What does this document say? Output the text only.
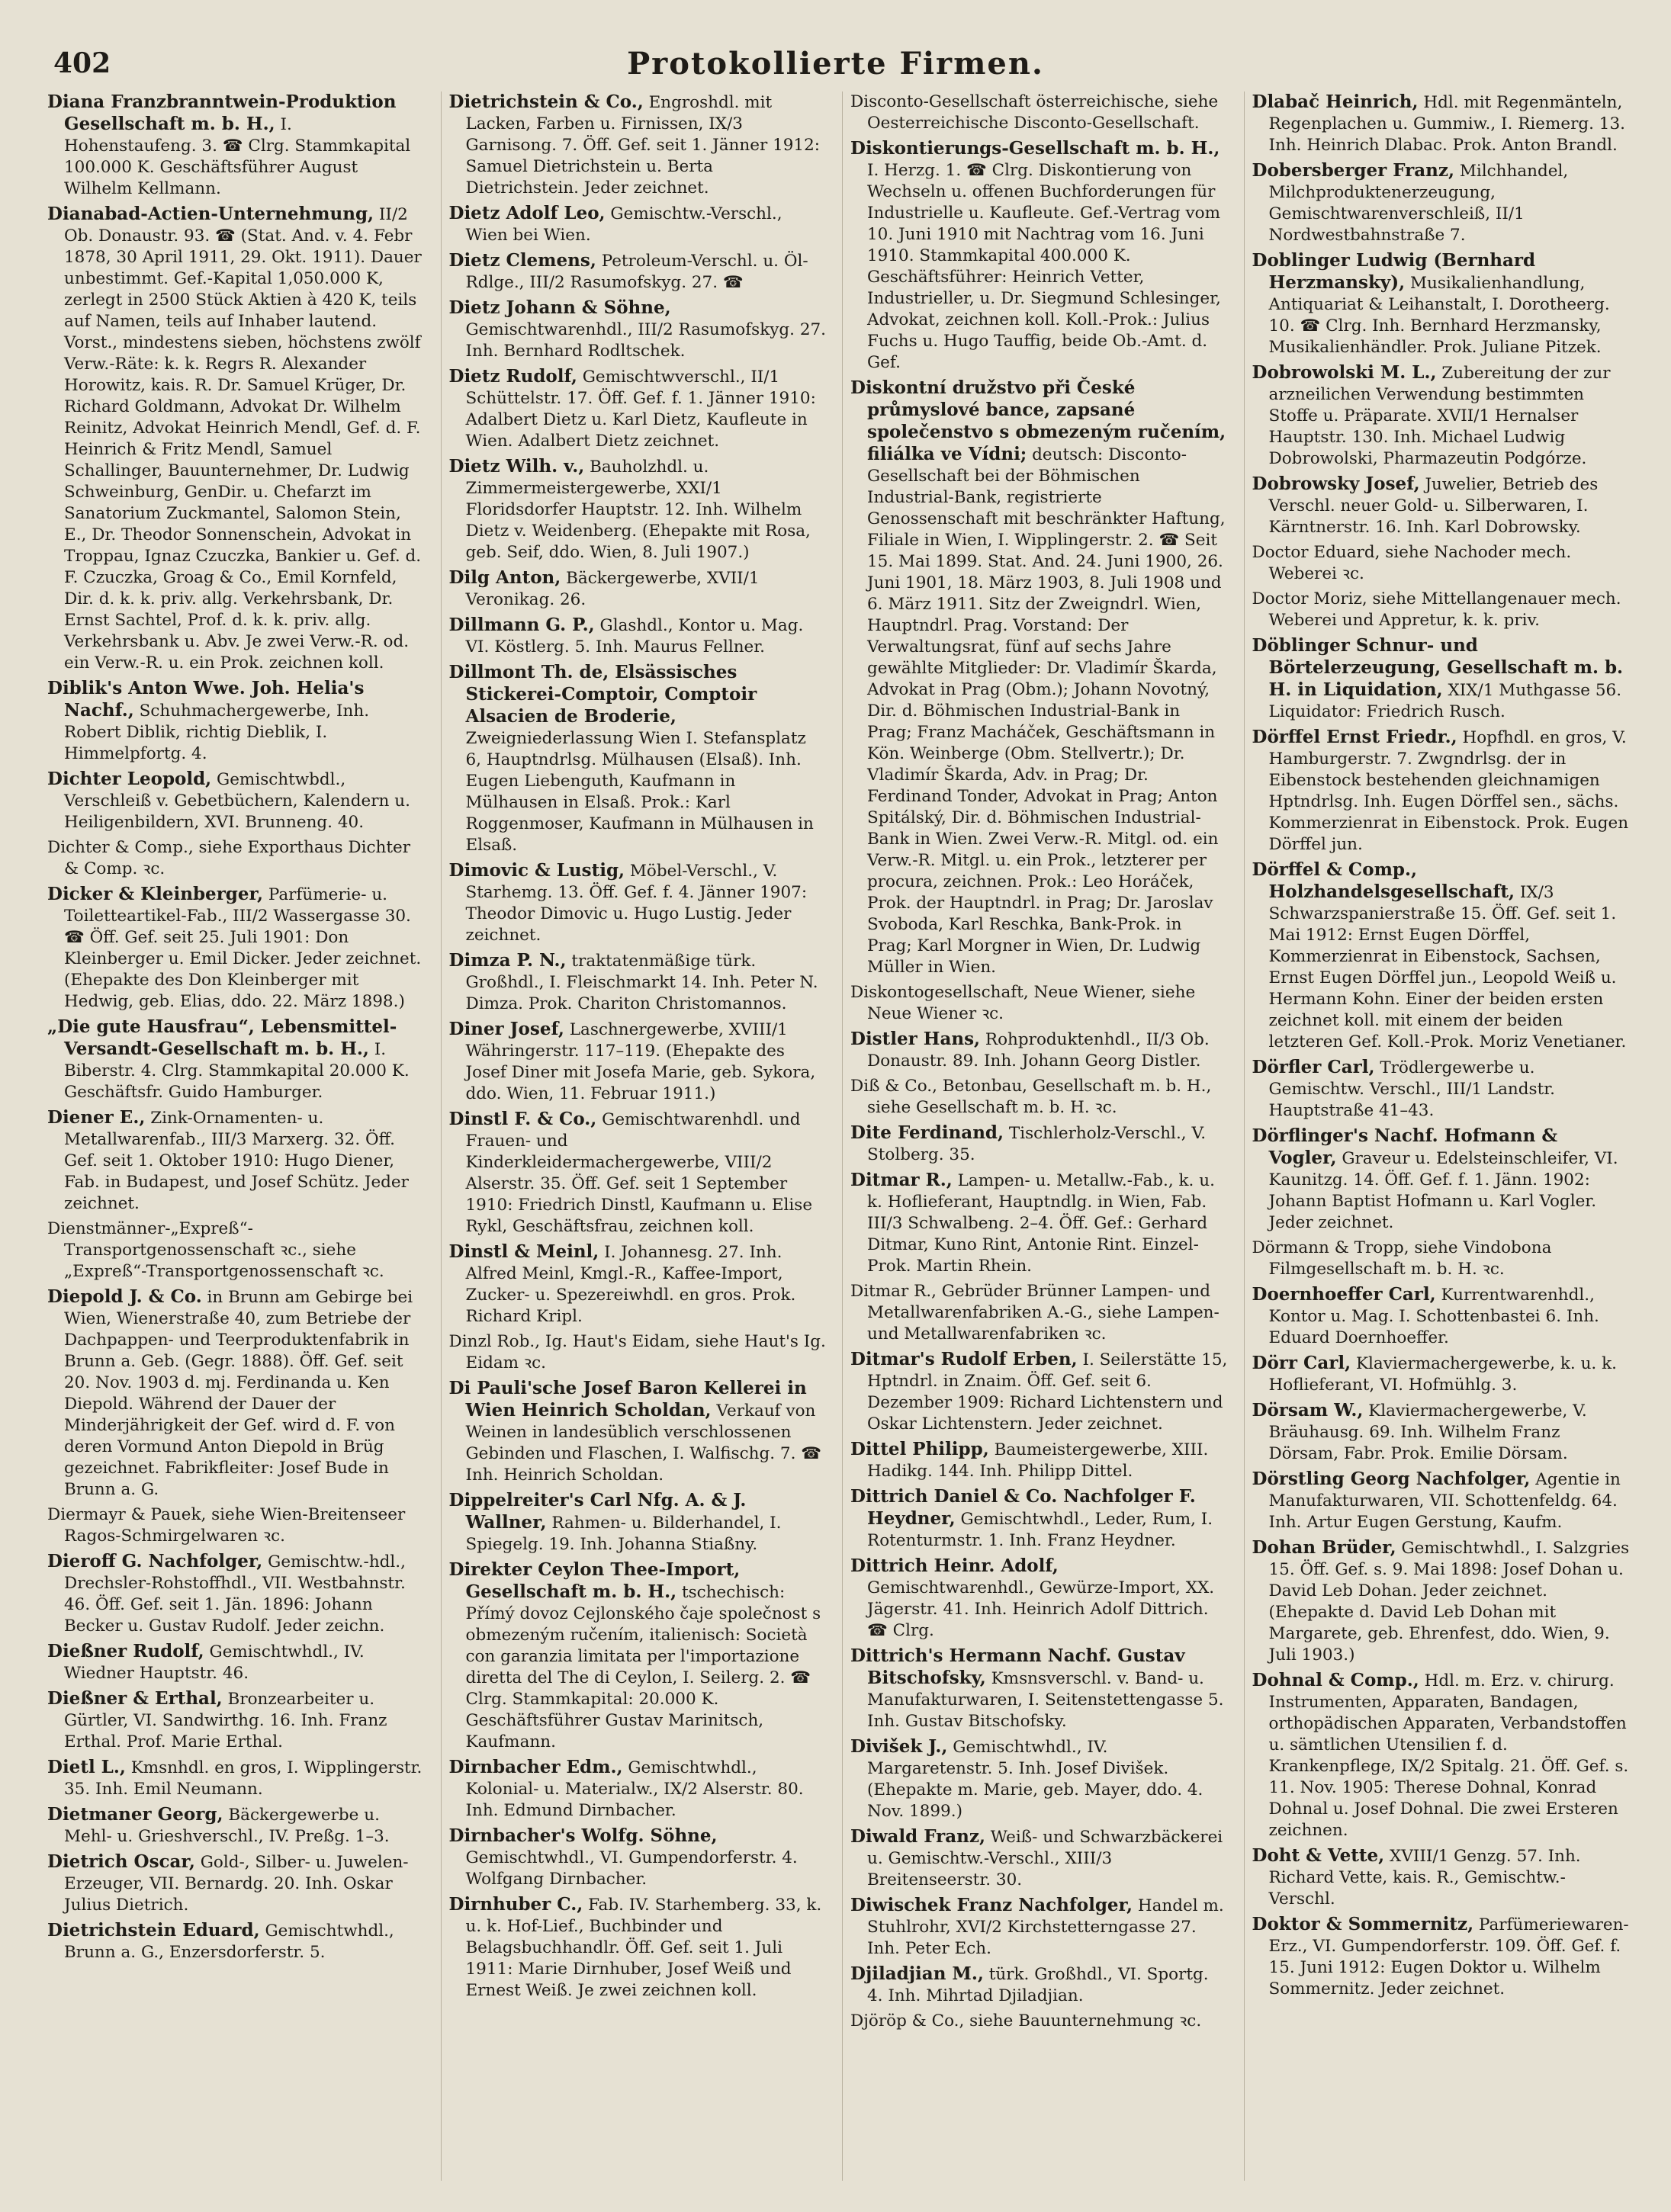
402	Protokollierte Firmen.

Diana Franzbranntwein-Produktion Gesellschaft m. b. H., I. Hohenstaufeng. 3. ☎ Clrg. Stammkapital 100.000 K. Geschäftsführer August Wilhelm Kellmann.

Dianabad-Actien-Unternehmung, II/2 Ob. Donaustr. 93. ☎ (Stat. And. v. 4. Febr 1878, 30 April 1911, 29. Okt. 1911). Dauer unbestimmt. Gef.-Kapital 1,050.000 K, zerlegt in 2500 Stück Aktien à 420 K, teils auf Namen, teils auf Inhaber lautend. Vorst., mindestens sieben, höchstens zwölf Verw.-Räte: k. k. Regrs R. Alexander Horowitz, kais. R. Dr. Samuel Krüger, Dr. Richard Goldmann, Advokat Dr. Wilhelm Reinitz, Advokat Heinrich Mendl, Gef. d. F. Heinrich & Fritz Mendl, Samuel Schallinger, Bauunternehmer, Dr. Ludwig Schweinburg, GenDir. u. Chefarzt im Sanatorium Zuckmantel, Salomon Stein, E., Dr. Theodor Sonnenschein, Advokat in Troppau, Ignaz Czuczka, Bankier u. Gef. d. F. Czuczka, Groag & Co., Emil Kornfeld, Dir. d. k. k. priv. allg. Verkehrsbank, Dr. Ernst Sachtel, Prof. d. k. k. priv. allg. Verkehrsbank u. Abv. Je zwei Verw.-R. od. ein Verw.-R. u. ein Prok. zeichnen koll.

Diblik's Anton Wwe. Joh. Helia's Nachf., Schuhmachergewerbe, Inh. Robert Diblik, richtig Dieblik, I. Himmelpfortg. 4.

Dichter Leopold, Gemischtwbdl., Verschleiß v. Gebetbüchern, Kalendern u. Heiligenbildern, XVI. Brunneng. 40.

Dichter & Comp., siehe Exporthaus Dichter & Comp. ꝛc.

Dicker & Kleinberger, Parfümerie- u. Toiletteartikel-Fab., III/2 Wassergasse 30. ☎ Öff. Gef. seit 25. Juli 1901: Don Kleinberger u. Emil Dicker. Jeder zeichnet. (Ehepakte des Don Kleinberger mit Hedwig, geb. Elias, ddo. 22. März 1898.)

„Die gute Hausfrau“, Lebensmittel-Versandt-Gesellschaft m. b. H., I. Biberstr. 4. Clrg. Stammkapital 20.000 K. Geschäftsfr. Guido Hamburger.

Diener E., Zink-Ornamenten- u. Metallwarenfab., III/3 Marxerg. 32. Öff. Gef. seit 1. Oktober 1910: Hugo Diener, Fab. in Budapest, und Josef Schütz. Jeder zeichnet.

Dienstmänner-„Expreß“-Transportgenossenschaft ꝛc., siehe „Expreß“-Transportgenossenschaft ꝛc.

Diepold J. & Co. in Brunn am Gebirge bei Wien, Wienerstraße 40, zum Betriebe der Dachpappen- und Teerproduktenfabrik in Brunn a. Geb. (Gegr. 1888). Öff. Gef. seit 20. Nov. 1903 d. mj. Ferdinanda u. Ken Diepold. Während der Dauer der Minderjährigkeit der Gef. wird d. F. von deren Vormund Anton Diepold in Brüg gezeichnet. Fabrikfleiter: Josef Bude in Brunn a. G.

Diermayr & Pauek, siehe Wien-Breitenseer Ragos-Schmirgelwaren ꝛc.

Dieroff G. Nachfolger, Gemischtw.-hdl., Drechsler-Rohstoffhdl., VII. Westbahnstr. 46. Öff. Gef. seit 1. Jän. 1896: Johann Becker u. Gustav Rudolf. Jeder zeichn.

Dießner Rudolf, Gemischtwhdl., IV. Wiedner Hauptstr. 46.

Dießner & Erthal, Bronzearbeiter u. Gürtler, VI. Sandwirthg. 16. Inh. Franz Erthal. Prof. Marie Erthal.

Dietl L., Kmsnhdl. en gros, I. Wipplingerstr. 35. Inh. Emil Neumann.

Dietmaner Georg, Bäckergewerbe u. Mehl- u. Grieshverschl., IV. Preßg. 1–3.

Dietrich Oscar, Gold-, Silber- u. Juwelen-Erzeuger, VII. Bernardg. 20. Inh. Oskar Julius Dietrich.

Dietrichstein Eduard, Gemischtwhdl., Brunn a. G., Enzersdorferstr. 5.

Dietrichstein & Co., Engroshdl. mit Lacken, Farben u. Firnissen, IX/3 Garnisong. 7. Öff. Gef. seit 1. Jänner 1912: Samuel Dietrichstein u. Berta Dietrichstein. Jeder zeichnet.

Dietz Adolf Leo, Gemischtw.-Verschl., Wien bei Wien.

Dietz Clemens, Petroleum-Verschl. u. Öl-Rdlge., III/2 Rasumofskyg. 27. ☎

Dietz Johann & Söhne, Gemischtwarenhdl., III/2 Rasumofskyg. 27. Inh. Bernhard Rodltschek.

Dietz Rudolf, Gemischtwverschl., II/1 Schüttelstr. 17. Öff. Gef. f. 1. Jänner 1910: Adalbert Dietz u. Karl Dietz, Kaufleute in Wien. Adalbert Dietz zeichnet.

Dietz Wilh. v., Bauholzhdl. u. Zimmermeistergewerbe, XXI/1 Floridsdorfer Hauptstr. 12. Inh. Wilhelm Dietz v. Weidenberg. (Ehepakte mit Rosa, geb. Seif, ddo. Wien, 8. Juli 1907.)

Dilg Anton, Bäckergewerbe, XVII/1 Veronikag. 26.

Dillmann G. P., Glashdl., Kontor u. Mag. VI. Köstlerg. 5. Inh. Maurus Fellner.

Dillmont Th. de, Elsässisches Stickerei-Comptoir, Comptoir Alsacien de Broderie, Zweigniederlassung Wien I. Stefansplatz 6, Hauptndrlsg. Mülhausen (Elsaß). Inh. Eugen Liebenguth, Kaufmann in Mülhausen in Elsaß. Prok.: Karl Roggenmoser, Kaufmann in Mülhausen in Elsaß.

Dimovic & Lustig, Möbel-Verschl., V. Starhemg. 13. Öff. Gef. f. 4. Jänner 1907: Theodor Dimovic u. Hugo Lustig. Jeder zeichnet.

Dimza P. N., traktatenmäßige türk. Großhdl., I. Fleischmarkt 14. Inh. Peter N. Dimza. Prok. Chariton Christomannos.

Diner Josef, Laschnergewerbe, XVIII/1 Währingerstr. 117–119. (Ehepakte des Josef Diner mit Josefa Marie, geb. Sykora, ddo. Wien, 11. Februar 1911.)

Dinstl F. & Co., Gemischtwarenhdl. und Frauen- und Kinderkleidermachergewerbe, VIII/2 Alserstr. 35. Öff. Gef. seit 1 September 1910: Friedrich Dinstl, Kaufmann u. Elise Rykl, Geschäftsfrau, zeichnen koll.

Dinstl & Meinl, I. Johannesg. 27. Inh. Alfred Meinl, Kmgl.-R., Kaffee-Import, Zucker- u. Spezereiwhdl. en gros. Prok. Richard Kripl.

Dinzl Rob., Ig. Haut's Eidam, siehe Haut's Ig. Eidam ꝛc.

Di Pauli'sche Josef Baron Kellerei in Wien Heinrich Scholdan, Verkauf von Weinen in landesüblich verschlossenen Gebinden und Flaschen, I. Walfischg. 7. ☎ Inh. Heinrich Scholdan.

Dippelreiter's Carl Nfg. A. & J. Wallner, Rahmen- u. Bilderhandel, I. Spiegelg. 19. Inh. Johanna Stiaßny.

Direkter Ceylon Thee-Import, Gesellschaft m. b. H., tschechisch: Přímý dovoz Cejlonského čaje společnost s obmezeným ručením, italienisch: Società con garanzia limitata per l'importazione diretta del The di Ceylon, I. Seilerg. 2. ☎ Clrg. Stammkapital: 20.000 K. Geschäftsführer Gustav Marinitsch, Kaufmann.

Dirnbacher Edm., Gemischtwhdl., Kolonial- u. Materialw., IX/2 Alserstr. 80. Inh. Edmund Dirnbacher.

Dirnbacher's Wolfg. Söhne, Gemischtwhdl., VI. Gumpendorferstr. 4. Wolfgang Dirnbacher.

Dirnhuber C., Fab. IV. Starhemberg. 33, k. u. k. Hof-Lief., Buchbinder und Belagsbuchhandlr. Öff. Gef. seit 1. Juli 1911: Marie Dirnhuber, Josef Weiß und Ernest Weiß. Je zwei zeichnen koll.

Disconto-Gesellschaft österreichische, siehe Oesterreichische Disconto-Gesellschaft.

Diskontierungs-Gesellschaft m. b. H., I. Herzg. 1. ☎ Clrg. Diskontierung von Wechseln u. offenen Buchforderungen für Industrielle u. Kaufleute. Gef.-Vertrag vom 10. Juni 1910 mit Nachtrag vom 16. Juni 1910. Stammkapital 400.000 K. Geschäftsführer: Heinrich Vetter, Industrieller, u. Dr. Siegmund Schlesinger, Advokat, zeichnen koll. Koll.-Prok.: Julius Fuchs u. Hugo Tauffig, beide Ob.-Amt. d. Gef.

Diskontní družstvo při České průmyslové bance, zapsané společenstvo s obmezeným ručením, filiálka ve Vídni; deutsch: Disconto-Gesellschaft bei der Böhmischen Industrial-Bank, registrierte Genossenschaft mit beschränkter Haftung, Filiale in Wien, I. Wipplingerstr. 2. ☎ Seit 15. Mai 1899. Stat. And. 24. Juni 1900, 26. Juni 1901, 18. März 1903, 8. Juli 1908 und 6. März 1911. Sitz der Zweigndrl. Wien, Hauptndrl. Prag. Vorstand: Der Verwaltungsrat, fünf auf sechs Jahre gewählte Mitglieder: Dr. Vladimír Škarda, Advokat in Prag (Obm.); Johann Novotný, Dir. d. Böhmischen Industrial-Bank in Prag; Franz Macháček, Geschäftsmann in Kön. Weinberge (Obm. Stellvertr.); Dr. Vladimír Škarda, Adv. in Prag; Dr. Ferdinand Tonder, Advokat in Prag; Anton Spitálský, Dir. d. Böhmischen Industrial-Bank in Wien. Zwei Verw.-R. Mitgl. od. ein Verw.-R. Mitgl. u. ein Prok., letzterer per procura, zeichnen. Prok.: Leo Horáček, Prok. der Hauptndrl. in Prag; Dr. Jaroslav Svoboda, Karl Reschka, Bank-Prok. in Prag; Karl Morgner in Wien, Dr. Ludwig Müller in Wien.

Diskontogesellschaft, Neue Wiener, siehe Neue Wiener ꝛc.

Distler Hans, Rohproduktenhdl., II/3 Ob. Donaustr. 89. Inh. Johann Georg Distler.

Diß & Co., Betonbau, Gesellschaft m. b. H., siehe Gesellschaft m. b. H. ꝛc.

Dite Ferdinand, Tischlerholz-Verschl., V. Stolberg. 35.

Ditmar R., Lampen- u. Metallw.-Fab., k. u. k. Hoflieferant, Hauptndlg. in Wien, Fab. III/3 Schwalbeng. 2–4. Öff. Gef.: Gerhard Ditmar, Kuno Rint, Antonie Rint. Einzel-Prok. Martin Rhein.

Ditmar R., Gebrüder Brünner Lampen- und Metallwarenfabriken A.-G., siehe Lampen- und Metallwarenfabriken ꝛc.

Ditmar's Rudolf Erben, I. Seilerstätte 15, Hptndrl. in Znaim. Öff. Gef. seit 6. Dezember 1909: Richard Lichtenstern und Oskar Lichtenstern. Jeder zeichnet.

Dittel Philipp, Baumeistergewerbe, XIII. Hadikg. 144. Inh. Philipp Dittel.

Dittrich Daniel & Co. Nachfolger F. Heydner, Gemischtwhdl., Leder, Rum, I. Rotenturmstr. 1. Inh. Franz Heydner.

Dittrich Heinr. Adolf, Gemischtwarenhdl., Gewürze-Import, XX. Jägerstr. 41. Inh. Heinrich Adolf Dittrich. ☎ Clrg.

Dittrich's Hermann Nachf. Gustav Bitschofsky, Kmsnsverschl. v. Band- u. Manufakturwaren, I. Seitenstettengasse 5. Inh. Gustav Bitschofsky.

Divišek J., Gemischtwhdl., IV. Margaretenstr. 5. Inh. Josef Divišek. (Ehepakte m. Marie, geb. Mayer, ddo. 4. Nov. 1899.)

Diwald Franz, Weiß- und Schwarzbäckerei u. Gemischtw.-Verschl., XIII/3 Breitenseerstr. 30.

Diwischek Franz Nachfolger, Handel m. Stuhlrohr, XVI/2 Kirchstetterngasse 27. Inh. Peter Ech.

Djiladjian M., türk. Großhdl., VI. Sportg. 4. Inh. Mihrtad Djiladjian.

Djöröp & Co., siehe Bauunternehmung ꝛc.

Dlabač Heinrich, Hdl. mit Regenmänteln, Regenplachen u. Gummiw., I. Riemerg. 13. Inh. Heinrich Dlabac. Prok. Anton Brandl.

Dobersberger Franz, Milchhandel, Milchproduktenerzeugung, Gemischtwarenverschleiß, II/1 Nordwestbahnstraße 7.

Doblinger Ludwig (Bernhard Herzmansky), Musikalienhandlung, Antiquariat & Leihanstalt, I. Dorotheerg. 10. ☎ Clrg. Inh. Bernhard Herzmansky, Musikalienhändler. Prok. Juliane Pitzek.

Dobrowolski M. L., Zubereitung der zur arzneilichen Verwendung bestimmten Stoffe u. Präparate. XVII/1 Hernalser Hauptstr. 130. Inh. Michael Ludwig Dobrowolski, Pharmazeutin Podgórze.

Dobrowsky Josef, Juwelier, Betrieb des Verschl. neuer Gold- u. Silberwaren, I. Kärntnerstr. 16. Inh. Karl Dobrowsky.

Doctor Eduard, siehe Nachoder mech. Weberei ꝛc.

Doctor Moriz, siehe Mittellangenauer mech. Weberei und Appretur, k. k. priv.

Döblinger Schnur- und Börtelerzeugung, Gesellschaft m. b. H. in Liquidation, XIX/1 Muthgasse 56. Liquidator: Friedrich Rusch.

Dörffel Ernst Friedr., Hopfhdl. en gros, V. Hamburgerstr. 7. Zwgndrlsg. der in Eibenstock bestehenden gleichnamigen Hptndrlsg. Inh. Eugen Dörffel sen., sächs. Kommerzienrat in Eibenstock. Prok. Eugen Dörffel jun.

Dörffel & Comp., Holzhandelsgesellschaft, IX/3 Schwarzspanierstraße 15. Öff. Gef. seit 1. Mai 1912: Ernst Eugen Dörffel, Kommerzienrat in Eibenstock, Sachsen, Ernst Eugen Dörffel jun., Leopold Weiß u. Hermann Kohn. Einer der beiden ersten zeichnet koll. mit einem der beiden letzteren Gef. Koll.-Prok. Moriz Venetianer.

Dörfler Carl, Trödlergewerbe u. Gemischtw. Verschl., III/1 Landstr. Hauptstraße 41–43.

Dörflinger's Nachf. Hofmann & Vogler, Graveur u. Edelsteinschleifer, VI. Kaunitzg. 14. Öff. Gef. f. 1. Jänn. 1902: Johann Baptist Hofmann u. Karl Vogler. Jeder zeichnet.

Dörmann & Tropp, siehe Vindobona Filmgesellschaft m. b. H. ꝛc.

Doernhoeffer Carl, Kurrentwarenhdl., Kontor u. Mag. I. Schottenbastei 6. Inh. Eduard Doernhoeffer.

Dörr Carl, Klaviermachergewerbe, k. u. k. Hoflieferant, VI. Hofmühlg. 3.

Dörsam W., Klaviermachergewerbe, V. Bräuhausg. 69. Inh. Wilhelm Franz Dörsam, Fabr. Prok. Emilie Dörsam.

Dörstling Georg Nachfolger, Agentie in Manufakturwaren, VII. Schottenfeldg. 64. Inh. Artur Eugen Gerstung, Kaufm.

Dohan Brüder, Gemischtwhdl., I. Salzgries 15. Öff. Gef. s. 9. Mai 1898: Josef Dohan u. David Leb Dohan. Jeder zeichnet. (Ehepakte d. David Leb Dohan mit Margarete, geb. Ehrenfest, ddo. Wien, 9. Juli 1903.)

Dohnal & Comp., Hdl. m. Erz. v. chirurg. Instrumenten, Apparaten, Bandagen, orthopädischen Apparaten, Verbandstoffen u. sämtlichen Utensilien f. d. Krankenpflege, IX/2 Spitalg. 21. Öff. Gef. s. 11. Nov. 1905: Therese Dohnal, Konrad Dohnal u. Josef Dohnal. Die zwei Ersteren zeichnen.

Doht & Vette, XVIII/1 Genzg. 57. Inh. Richard Vette, kais. R., Gemischtw.-Verschl.

Doktor & Sommernitz, Parfümeriewaren-Erz., VI. Gumpendorferstr. 109. Öff. Gef. f. 15. Juni 1912: Eugen Doktor u. Wilhelm Sommernitz. Jeder zeichnet.
